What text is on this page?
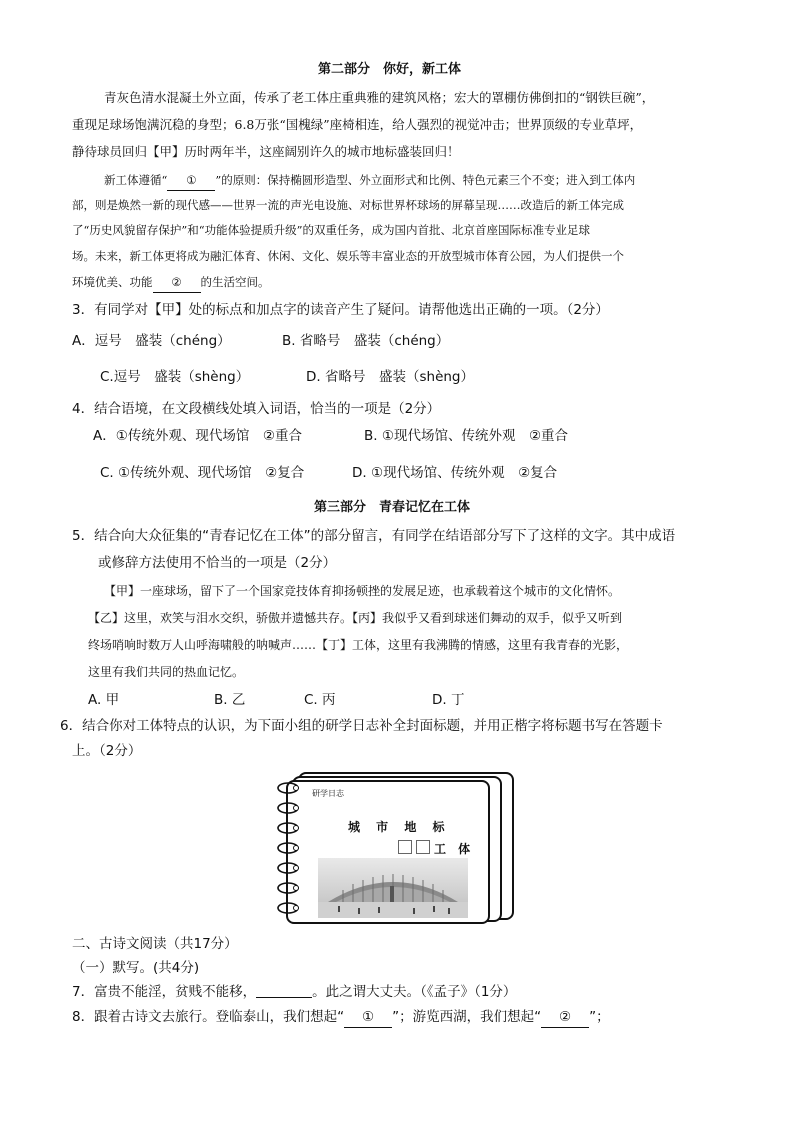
第二部分　你好，新工体
青灰色清水混凝土外立面，传承了老工体庄重典雅的建筑风格；宏大的罩棚仿佛倒扣的“钢铁巨碗”，
重现足球场饱满沉稳的身型；6.8万张“国槐绿”座椅相连，给人强烈的视觉冲击；世界顶级的专业草坪，
静待球员回归【甲】历时两年半，这座阔别许久的城市地标盛装回归！
新工体遵循“ ① ”的原则：保持椭圆形造型、外立面形式和比例、特色元素三个不变；进入到工体内
部，则是焕然一新的现代感——世界一流的声光电设施、对标世界杯球场的屏幕呈现……改造后的新工体完成
了“历史风貌留存保护”和“功能体验提质升级”的双重任务，成为国内首批、北京首座国际标准专业足球
场。未来，新工体更将成为融汇体育、休闲、文化、娱乐等丰富业态的开放型城市体育公园，为人们提供一个
环境优美、功能 ② 的生活空间。
3．有同学对【甲】处的标点和加点字的读音产生了疑问。请帮他选出正确的一项。（2分）
A．逗号　盛装（chéng）	B. 省略号　盛装（chéng）
C.逗号　盛装（shèng）	D. 省略号　盛装（shèng）
4．结合语境，在文段横线处填入词语，恰当的一项是（2分）
A．①传统外观、现代场馆　②重合	B. ①现代场馆、传统外观　②重合
C. ①传统外观、现代场馆　②复合	D. ①现代场馆、传统外观　②复合
第三部分　青春记忆在工体
5．结合向大众征集的“青春记忆在工体”的部分留言，有同学在结语部分写下了这样的文字。其中成语
或修辞方法使用不恰当的一项是（2分）
【甲】一座球场，留下了一个国家竞技体育抑扬顿挫的发展足迹，也承载着这个城市的文化情怀。
【乙】这里，欢笑与泪水交织，骄傲并遗憾共存。【丙】我似乎又看到球迷们舞动的双手，似乎又听到
终场哨响时数万人山呼海啸般的呐喊声……【丁】工体，这里有我沸腾的情感，这里有我青春的光影，
这里有我们共同的热血记忆。
A. 甲	B. 乙	C. 丙	D. 丁
6．结合你对工体特点的认识，为下面小组的研学日志补全封面标题，并用正楷字将标题书写在答题卡
上。（2分）
研学日志
城 市 地 标
工 体
二、古诗文阅读（共17分）
（一）默写。(共4分)
7．富贵不能淫，贫贱不能移，	。此之谓大丈夫。（《孟子》（1分）
8．跟着古诗文去旅行。登临泰山，我们想起“ ① ”；游览西湖，我们想起“ ② ”；
